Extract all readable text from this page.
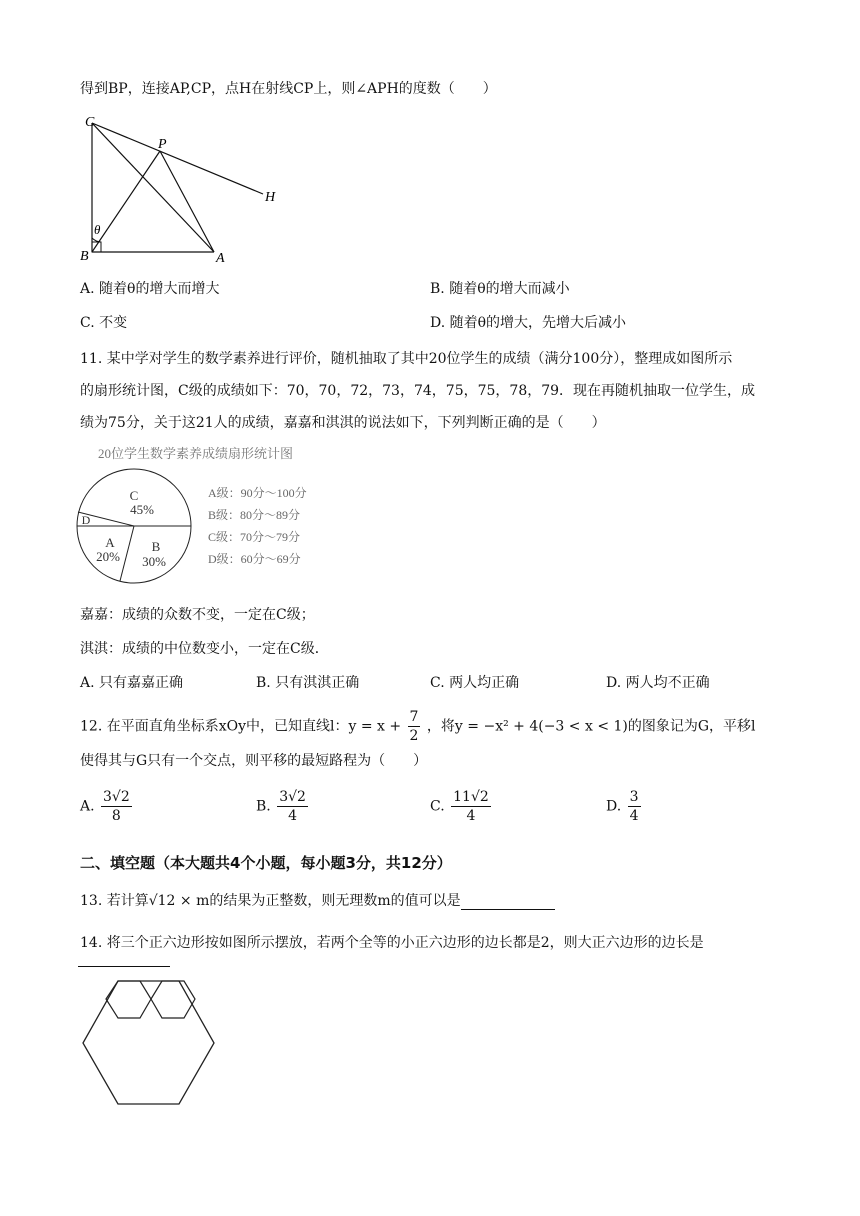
得到BP，连接AP,CP，点H在射线CP上，则∠APH的度数（　　）
C
P
H
B	A
θ
A. 随着θ的增大而增大	B. 随着θ的增大而减小
C. 不变	D. 随着θ的增大，先增大后减小
11. 某中学对学生的数学素养进行评价，随机抽取了其中20位学生的成绩（满分100分），整理成如图所示
的扇形统计图，C级的成绩如下：70，70，72，73，74，75，75，78，79．现在再随机抽取一位学生，成
绩为75分，关于这21人的成绩，嘉嘉和淇淇的说法如下，下列判断正确的是（　　）
20位学生数学素养成绩扇形统计图
C
45%
D
A
20%
B
30%
A级：90分～100分
B级：80分～89分
C级：70分～79分
D级：60分～69分
嘉嘉：成绩的众数不变，一定在C级；
淇淇：成绩的中位数变小，一定在C级．
A. 只有嘉嘉正确	B. 只有淇淇正确	C. 两人均正确	D. 两人均不正确
12. 在平面直角坐标系xOy中，已知直线l：$y = x + \frac{7}{2}$ ，将y = −x² + 4(−3 < x < 1)的图象记为G，平移l
使得其与G只有一个交点，则平移的最短路程为（　　）
A. $\frac{3√2}{8}$	B. $\frac{3√2}{4}$	C. $\frac{11√2}{4}$	D. $\frac{3}{4}$
二、填空题（本大题共4个小题，每小题3分，共12分）
13. 若计算√12 × m的结果为正整数，则无理数m的值可以是
14. 将三个正六边形按如图所示摆放，若两个全等的小正六边形的边长都是2，则大正六边形的边长是
